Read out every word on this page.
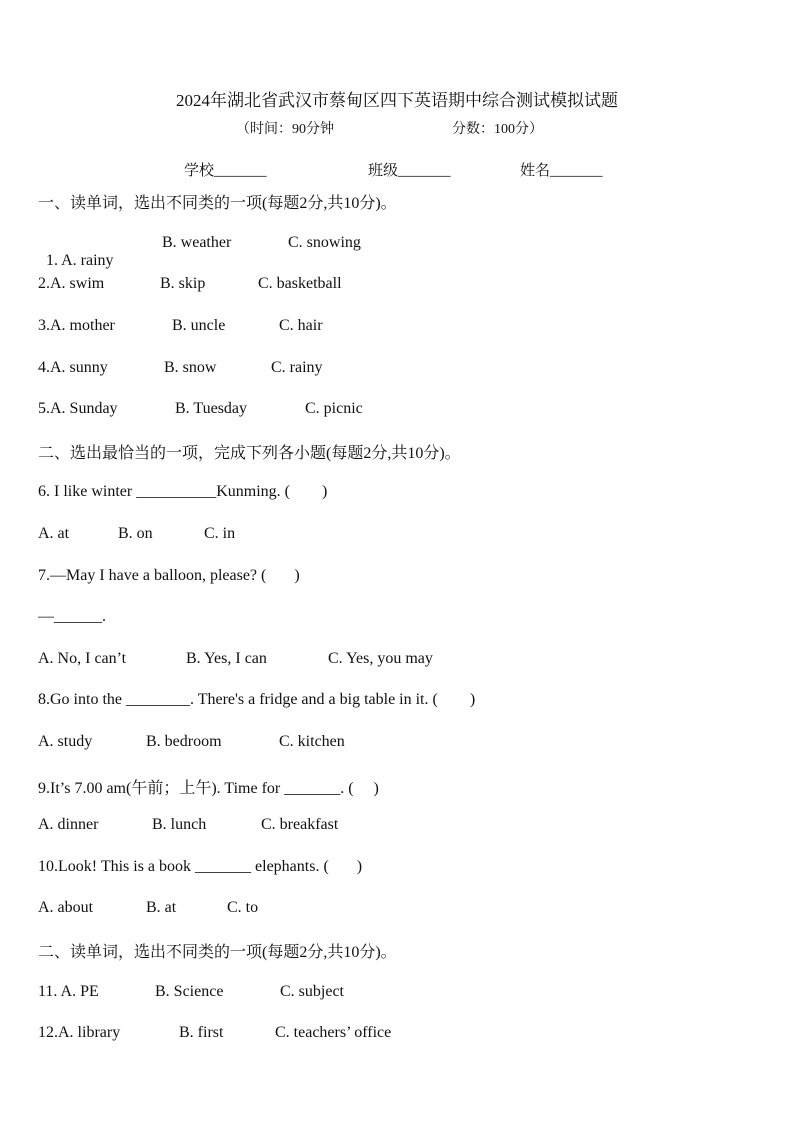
2024年湖北省武汉市蔡甸区四下英语期中综合测试模拟试题
（时间：90分钟	分数：100分）
学校_______	班级_______	姓名_______
一、读单词，选出不同类的一项(每题2分,共10分)。

1. A. rainy

B. weather	C. snowing
2.A. swim	B. skip	C. basketball
3.A. mother	B. uncle	C. hair
4.A. sunny	B. snow	C. rainy
5.A. Sunday	B. Tuesday	C. picnic
二、选出最恰当的一项，完成下列各小题(每题2分,共10分)。
6. I like winter __________Kunming. (        )
A. at	B. on	C. in
7.—May I have a balloon, please? (       )
—______.
A. No, I can’t	B. Yes, I can	C. Yes, you may
8.Go into the ________. There's a fridge and a big table in it. (        )
A. study	B. bedroom	C. kitchen
9.It’s 7.00 am(午前；上午). Time for _______. (     )
A. dinner	B. lunch	C. breakfast
10.Look! This is a book _______ elephants. (       )
A. about	B. at	C. to
二、读单词，选出不同类的一项(每题2分,共10分)。
11. A. PE	B. Science	C. subject
12.A. library	B. first	C. teachers’ office
